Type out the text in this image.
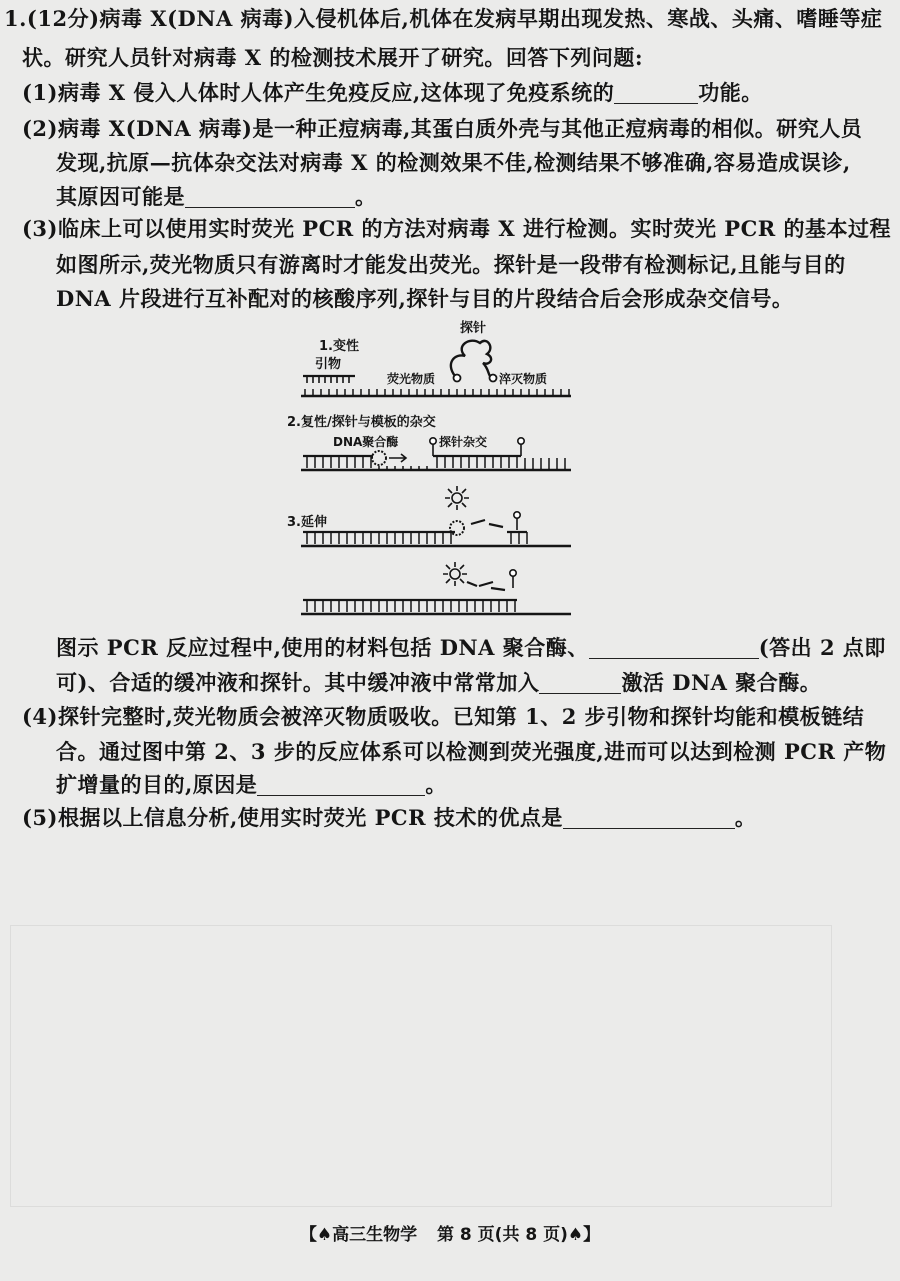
1.(12分)病毒 X(DNA 病毒)入侵机体后,机体在发病早期出现发热、寒战、头痛、嗜睡等症
状。研究人员针对病毒 X 的检测技术展开了研究。回答下列问题:
(1)病毒 X 侵入人体时人体产生免疫反应,这体现了免疫系统的	功能。
(2)病毒 X(DNA 病毒)是一种正痘病毒,其蛋白质外壳与其他正痘病毒的相似。研究人员
发现,抗原—抗体杂交法对病毒 X 的检测效果不佳,检测结果不够准确,容易造成误诊,
其原因可能是	。
(3)临床上可以使用实时荧光 PCR 的方法对病毒 X 进行检测。实时荧光 PCR 的基本过程
如图所示,荧光物质只有游离时才能发出荧光。探针是一段带有检测标记,且能与目的
DNA 片段进行互补配对的核酸序列,探针与目的片段结合后会形成杂交信号。
1.变性
引物
探针
荧光物质	淬灭物质
2.复性/探针与模板的杂交
DNA聚合酶	探针杂交
3.延伸
图示 PCR 反应过程中,使用的材料包括 DNA 聚合酶、	(答出 2 点即
可)、合适的缓冲液和探针。其中缓冲液中常常加入	激活 DNA 聚合酶。
(4)探针完整时,荧光物质会被淬灭物质吸收。已知第 1、2 步引物和探针均能和模板链结
合。通过图中第 2、3 步的反应体系可以检测到荧光强度,进而可以达到检测 PCR 产物
扩增量的目的,原因是	。
(5)根据以上信息分析,使用实时荧光 PCR 技术的优点是	。
【♠高三生物学 第 8 页(共 8 页)♠】
